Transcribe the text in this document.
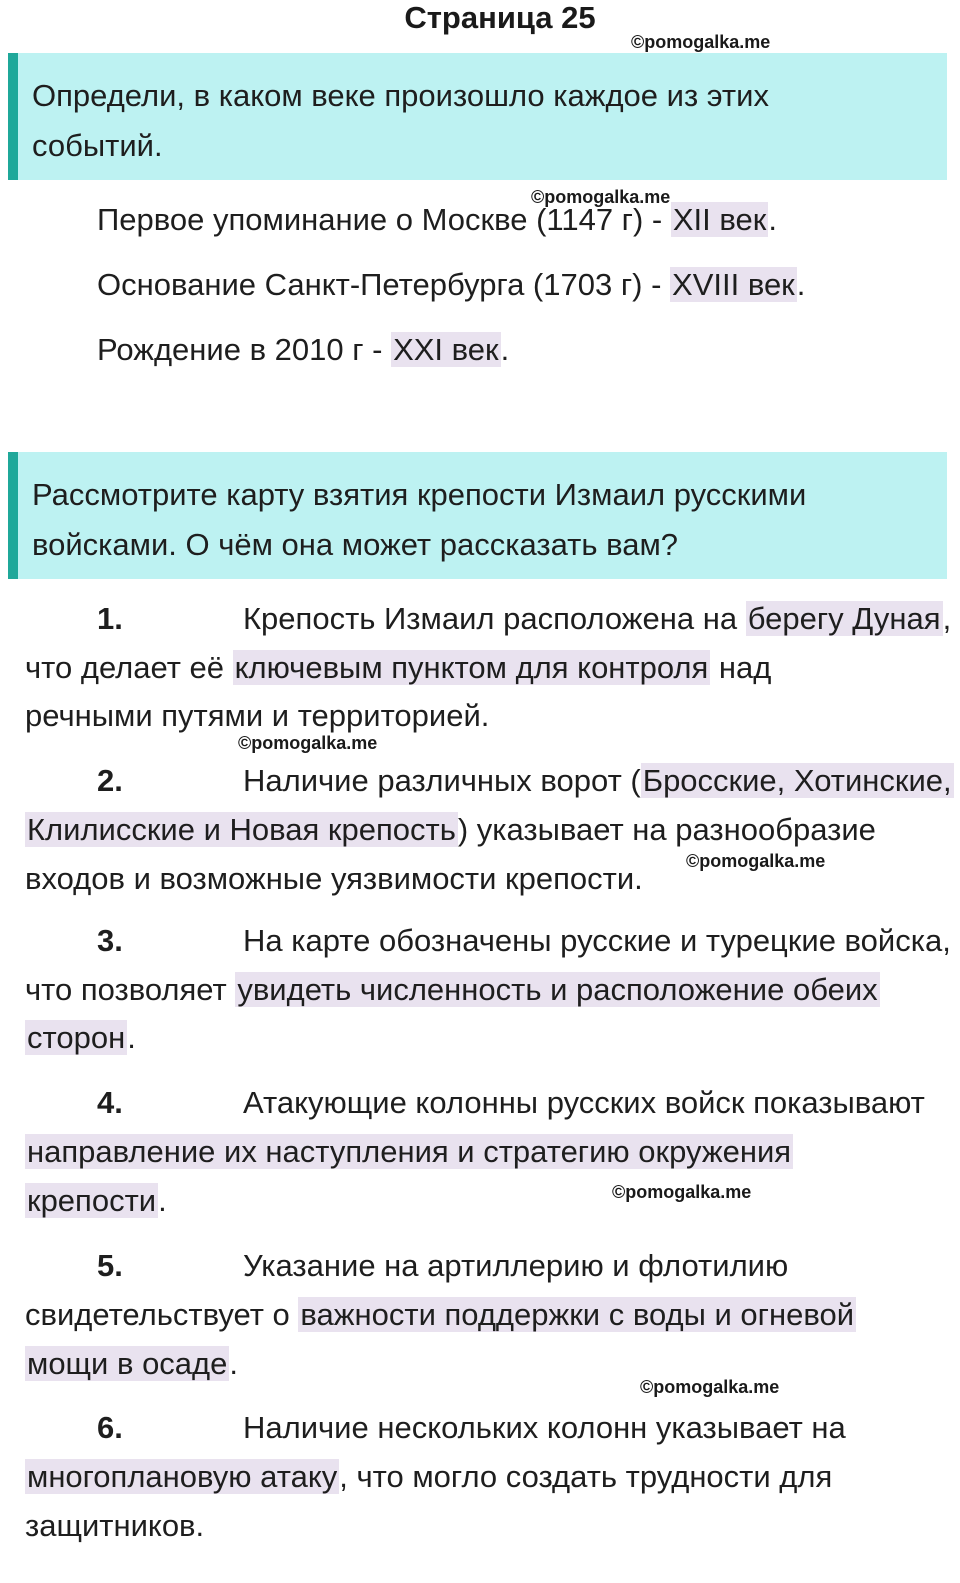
Страница 25
©pomogalka.me
Определи, в каком веке произошло каждое из этих
событий.
©pomogalka.me
Первое упоминание о Москве (1147 г) - XII век.
Основание Санкт-Петербурга (1703 г) - XVIII век.
Рождение в 2010 г - XXI век.
Рассмотрите карту взятия крепости Измаил русскими
войсками. О чём она может рассказать вам?
1.	Крепость Измаил расположена на берегу Дуная,
что делает её ключевым пунктом для контроля над
речными путями и территорией.
©pomogalka.me
2.	Наличие различных ворот (Бросские, Хотинские,
Клилисские и Новая крепость) указывает на разнообразие
©pomogalka.me
входов и возможные уязвимости крепости.
3.	На карте обозначены русские и турецкие войска,
что позволяет увидеть численность и расположение обеих
сторон.
4.	Атакующие колонны русских войск показывают
направление их наступления и стратегию окружения
крепости.	©pomogalka.me
5.	Указание на артиллерию и флотилию
свидетельствует о важности поддержки с воды и огневой
мощи в осаде.
©pomogalka.me
6.	Наличие нескольких колонн указывает на
многоплановую атаку, что могло создать трудности для
защитников.
